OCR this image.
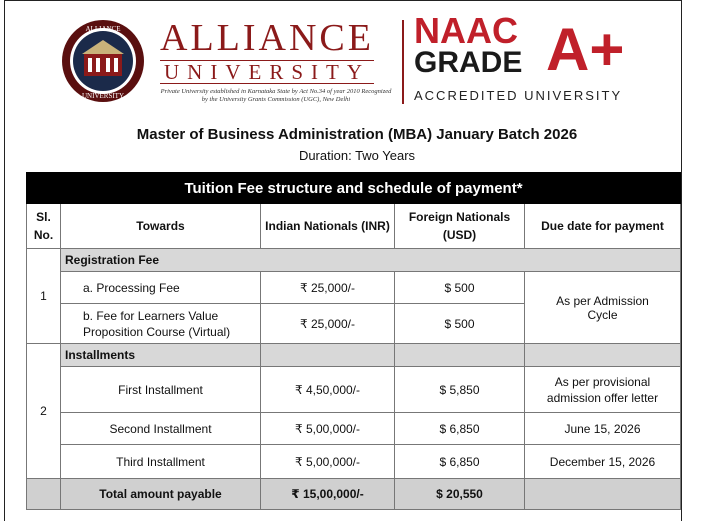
ALLIANCE
UNIVERSITY
ALLIANCE
UNIVERSITY
Private University established in Karnataka State by Act No.34 of year 2010 Recognized by the University Grants Commission (UGC), New Delhi
NAAC
GRADE A+
ACCREDITED UNIVERSITY
Master of Business Administration (MBA) January Batch 2026
Duration: Two Years
Tuition Fee structure and schedule of payment*				
Sl. No.	Towards	Indian Nationals (INR)	Foreign Nationals (USD)	Due date for payment
1	Registration Fee			
	a. Processing Fee	₹ 25,000/-	$ 500	As per Admission Cycle
	b. Fee for Learners Value Proposition Course (Virtual)	₹ 25,000/-	$ 500	
2	Installments			
	First Installment	₹ 4,50,000/-	$ 5,850	As per provisional admission offer letter
	Second Installment	₹ 5,00,000/-	$ 6,850	June 15, 2026
	Third Installment	₹ 5,00,000/-	$ 6,850	December 15, 2026
	Total amount payable	₹ 15,00,000/-	$ 20,550	
